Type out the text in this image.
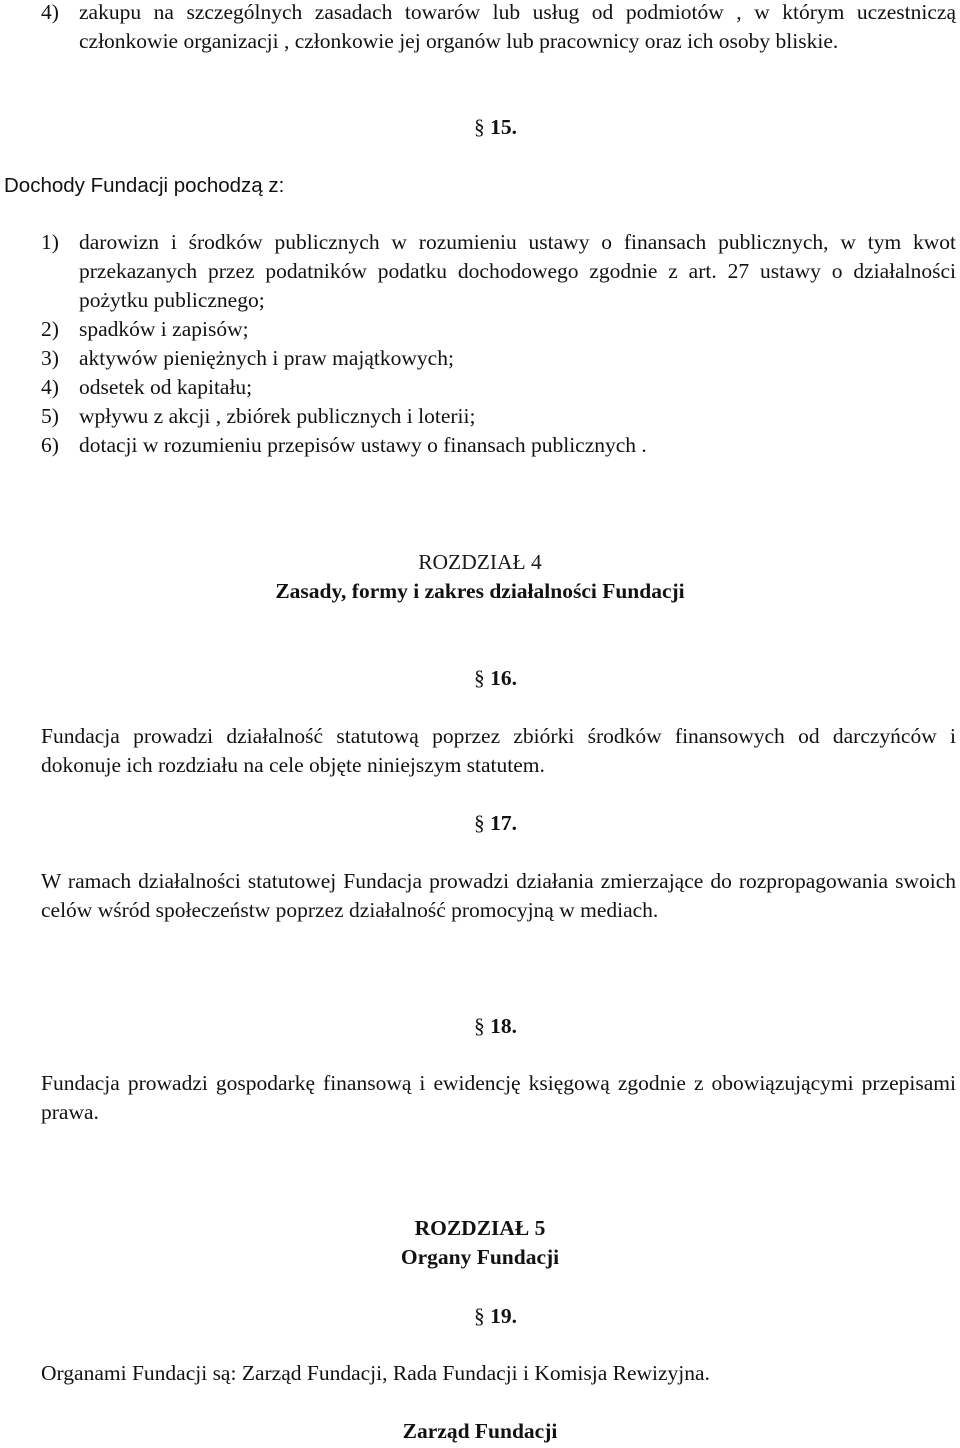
4) zakupu na szczególnych zasadach towarów lub usług od podmiotów , w którym uczestniczą członkowie organizacji , członkowie jej organów lub pracownicy oraz ich osoby bliskie.
§ 15.
Dochody Fundacji pochodzą z:
1) darowizn i środków publicznych w rozumieniu ustawy o finansach publicznych, w tym kwot przekazanych przez podatników podatku dochodowego zgodnie z art. 27 ustawy o działalności pożytku publicznego;
2) spadków i zapisów;
3) aktywów pieniężnych i praw majątkowych;
4) odsetek od kapitału;
5) wpływu z akcji , zbiórek publicznych i loterii;
6) dotacji w rozumieniu przepisów ustawy o finansach publicznych .
ROZDZIAŁ 4
Zasady, formy i zakres działalności Fundacji
§ 16.
Fundacja prowadzi działalność statutową poprzez zbiórki środków finansowych od darczyńców i dokonuje ich rozdziału na cele objęte niniejszym statutem.
§ 17.
W ramach działalności statutowej Fundacja prowadzi działania zmierzające do rozpropagowania swoich celów wśród społeczeństw poprzez działalność promocyjną w mediach.
§ 18.
Fundacja prowadzi gospodarkę finansową i ewidencję księgową zgodnie z obowiązującymi przepisami prawa.
ROZDZIAŁ 5
Organy Fundacji
§ 19.
Organami Fundacji są: Zarząd Fundacji, Rada Fundacji i Komisja Rewizyjna.
Zarząd Fundacji
